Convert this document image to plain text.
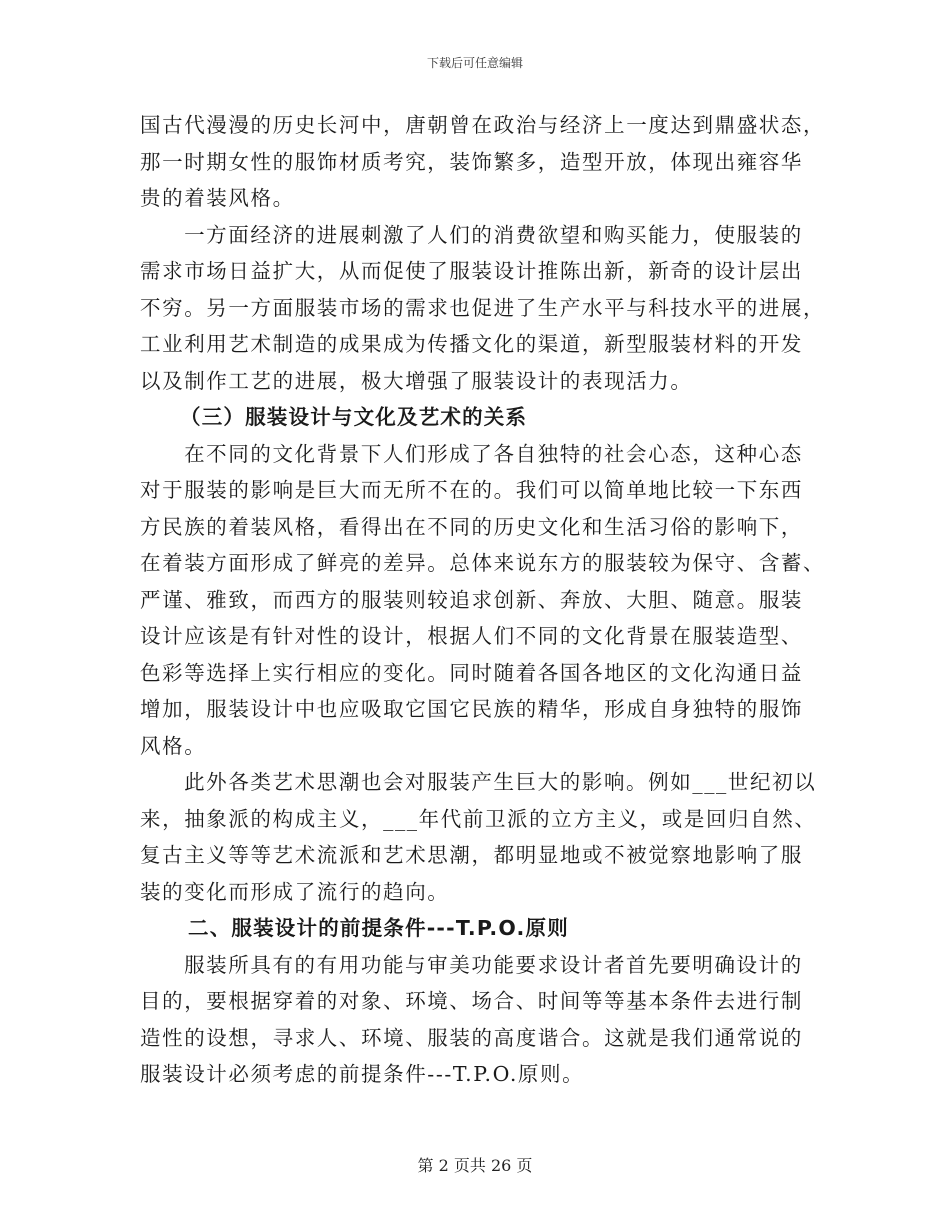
下载后可任意编辑

国古代漫漫的历史长河中，唐朝曾在政治与经济上一度达到鼎盛状态，
那一时期女性的服饰材质考究，装饰繁多，造型开放，体现出雍容华
贵的着装风格。

一方面经济的进展刺激了人们的消费欲望和购买能力，使服装的
需求市场日益扩大，从而促使了服装设计推陈出新，新奇的设计层出
不穷。另一方面服装市场的需求也促进了生产水平与科技水平的进展，
工业利用艺术制造的成果成为传播文化的渠道，新型服装材料的开发
以及制作工艺的进展，极大增强了服装设计的表现活力。

（三）服装设计与文化及艺术的关系

在不同的文化背景下人们形成了各自独特的社会心态，这种心态
对于服装的影响是巨大而无所不在的。我们可以简单地比较一下东西
方民族的着装风格，看得出在不同的历史文化和生活习俗的影响下，
在着装方面形成了鲜亮的差异。总体来说东方的服装较为保守、含蓄、
严谨、雅致，而西方的服装则较追求创新、奔放、大胆、随意。服装
设计应该是有针对性的设计，根据人们不同的文化背景在服装造型、
色彩等选择上实行相应的变化。同时随着各国各地区的文化沟通日益
增加，服装设计中也应吸取它国它民族的精华，形成自身独特的服饰
风格。

此外各类艺术思潮也会对服装产生巨大的影响。例如___世纪初以
来，抽象派的构成主义，___年代前卫派的立方主义，或是回归自然、
复古主义等等艺术流派和艺术思潮，都明显地或不被觉察地影响了服
装的变化而形成了流行的趋向。

二、服装设计的前提条件---T.P.O.原则

服装所具有的有用功能与审美功能要求设计者首先要明确设计的
目的，要根据穿着的对象、环境、场合、时间等等基本条件去进行制
造性的设想，寻求人、环境、服装的高度谐合。这就是我们通常说的
服装设计必须考虑的前提条件---T.P.O.原则。

第 2 页共 26 页
